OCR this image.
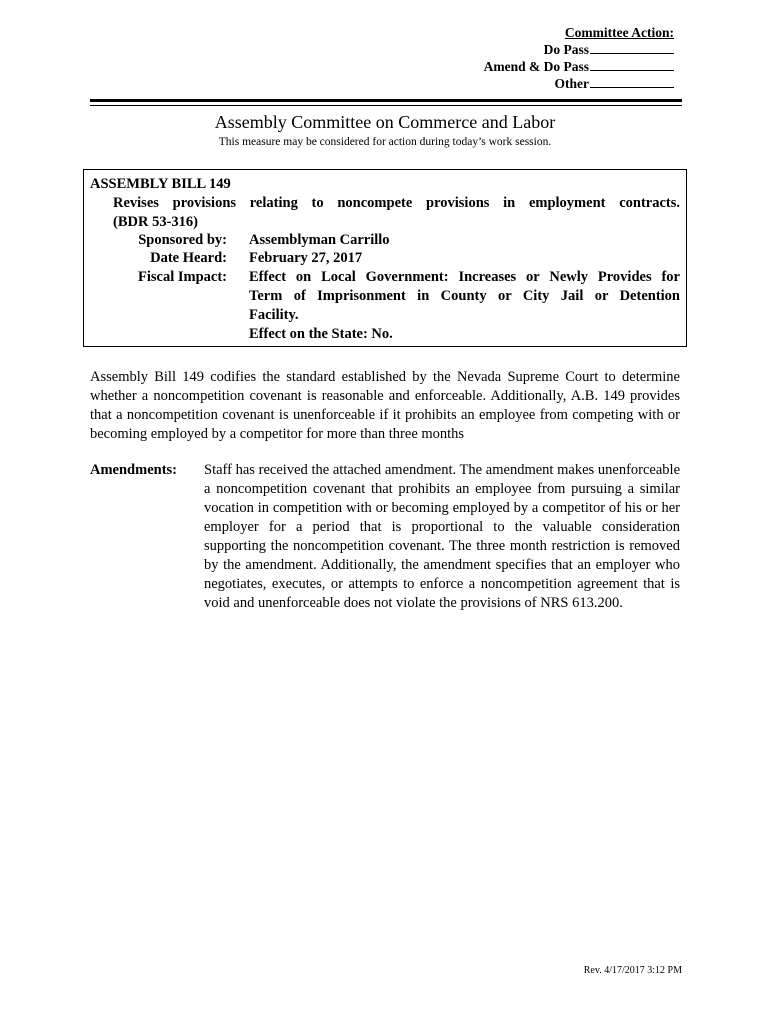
Committee Action:
Do Pass
Amend & Do Pass
Other
Assembly Committee on Commerce and Labor
This measure may be considered for action during today’s work session.
ASSEMBLY BILL 149
Revises provisions relating to noncompete provisions in employment contracts.
(BDR 53-316)
Sponsored by: Assemblyman Carrillo
Date Heard: February 27, 2017
Fiscal Impact: Effect on Local Government: Increases or Newly Provides for
Term of Imprisonment in County or City Jail or Detention
Facility.
Effect on the State: No.
Assembly Bill 149 codifies the standard established by the Nevada Supreme Court to determine whether a noncompetition covenant is reasonable and enforceable. Additionally, A.B. 149 provides that a noncompetition covenant is unenforceable if it prohibits an employee from competing with or becoming employed by a competitor for more than three months
Amendments: Staff has received the attached amendment. The amendment makes unenforceable a noncompetition covenant that prohibits an employee from pursuing a similar vocation in competition with or becoming employed by a competitor of his or her employer for a period that is proportional to the valuable consideration supporting the noncompetition covenant. The three month restriction is removed by the amendment. Additionally, the amendment specifies that an employer who negotiates, executes, or attempts to enforce a noncompetition agreement that is void and unenforceable does not violate the provisions of NRS 613.200.
Rev. 4/17/2017 3:12 PM
